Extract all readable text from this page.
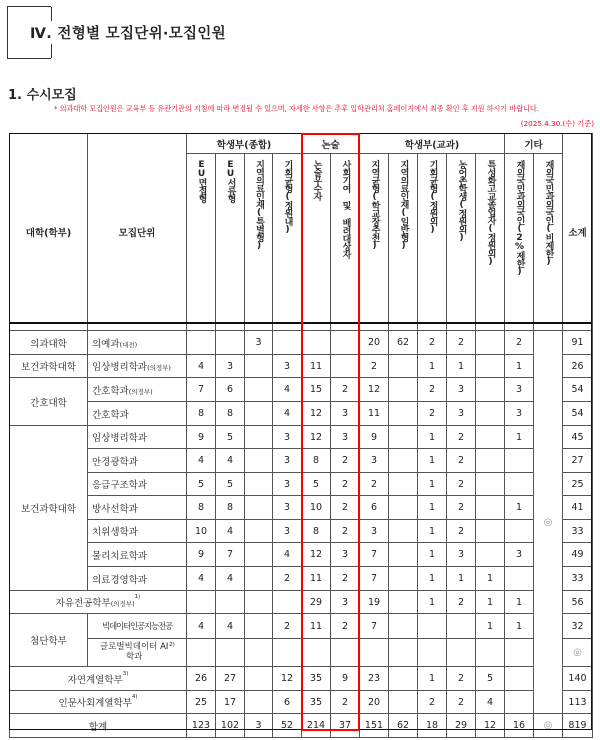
Ⅳ. 전형별 모집단위·모집인원
1. 수시모집
* 의과대학 모집인원은 교육부 등 유관기관의 지침에 따라 변경될 수 있으며, 자세한 사항은 추후 입학관리처 홈페이지에서 최종 확인 후 지원 하시기 바랍니다.
(2025.4.30.(수) 기준)
대학(학부)	모집단위	학생부(종합)				논술		학생부(교과)					기타		소계
		EU면접형	EU서류형	지역의료인재(특별형)	기회균형(정원내)	논술우수자	사회기여 및 배려대상자	지역균형(학교장추천)	지역의료인재(일반형)	기회균형(정원외)	농어촌학생(정원외)	특성화고교졸업자(정원외)	재외국민과외국인(2%제한)	재외국민과외국인(비제한)	
의과대학	의예과(대전)			3				20	62	2	2		2	◎	91
보건과학대학	임상병리학과(의정부)	4	3		3	11		2		1	1		1		26
간호대학	간호학과(의정부)	7	6		4	15	2	12		2	3		3		54
	간호학과	8	8		4	12	3	11		2	3		3		54
보건과학대학	임상병리학과	9	5		3	12	3	9		1	2		1		45
	안경광학과	4	4		3	8	2	3		1	2				27
	응급구조학과	5	5		3	5	2	2		1	2				25
	방사선학과	8	8		3	10	2	6		1	2		1		41
	치위생학과	10	4		3	8	2	3		1	2				33
	물리치료학과	9	7		4	12	3	7		1	3		3		49
	의료경영학과	4	4		2	11	2	7		1	1	1			33
자유전공학부(의정부)$^{1)}$						29	3	19		1	2	1	1		56
첨단학부	빅데이터인공지능전공	4	4		2	11	2	7				1	1		32
	글로벌빅데이터 AI학과$^{2)}$														◎
자연계열학부$^{3)}$		26	27		12	35	9	23		1	2	5			140
인문사회계열학부$^{4)}$		25	17		6	35	2	20		2	2	4			113
합계		123	102	3	52	214	37	151	62	18	29	12	16	◎	819
